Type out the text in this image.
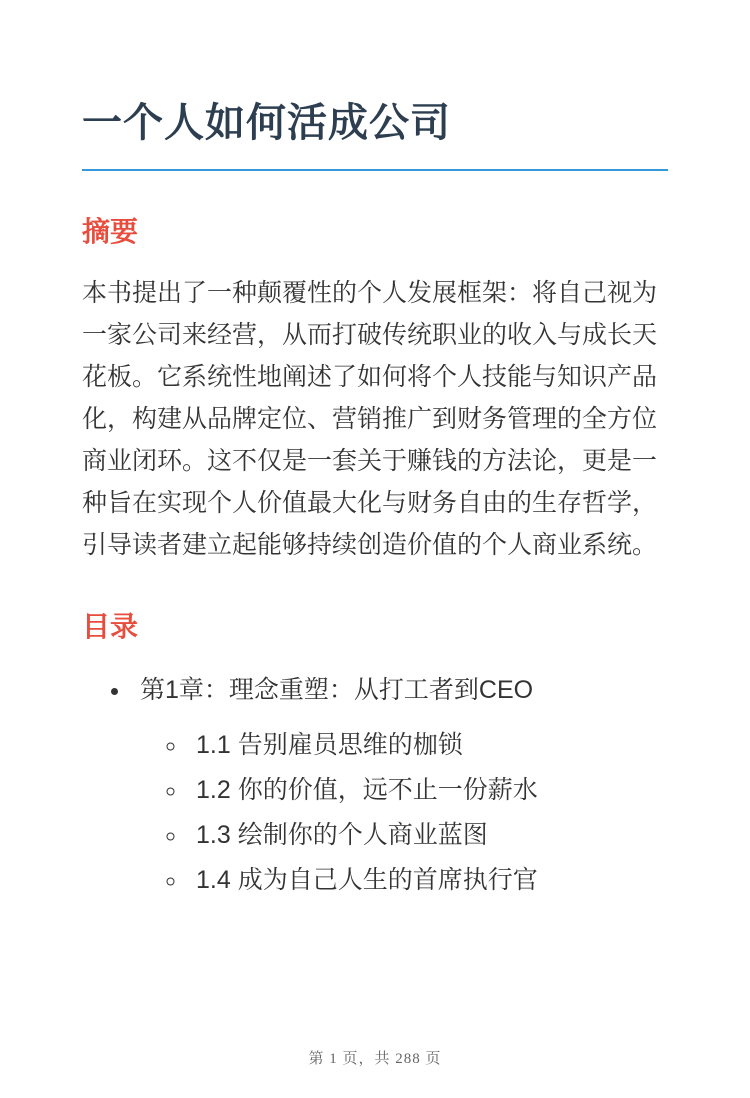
一个人如何活成公司
摘要

本书提出了一种颠覆性的个人发展框架：将自己视为一家公司来经营，从而打破传统职业的收入与成长天花板。它系统性地阐述了如何将个人技能与知识产品化，构建从品牌定位、营销推广到财务管理的全方位商业闭环。这不仅是一套关于赚钱的方法论，更是一种旨在实现个人价值最大化与财务自由的生存哲学，引导读者建立起能够持续创造价值的个人商业系统。

目录
• 第1章：理念重塑：从打工者到CEO
◦ 1.1 告别雇员思维的枷锁
◦ 1.2 你的价值，远不止一份薪水
◦ 1.3 绘制你的个人商业蓝图
◦ 1.4 成为自己人生的首席执行官
第 1 页，共 288 页
